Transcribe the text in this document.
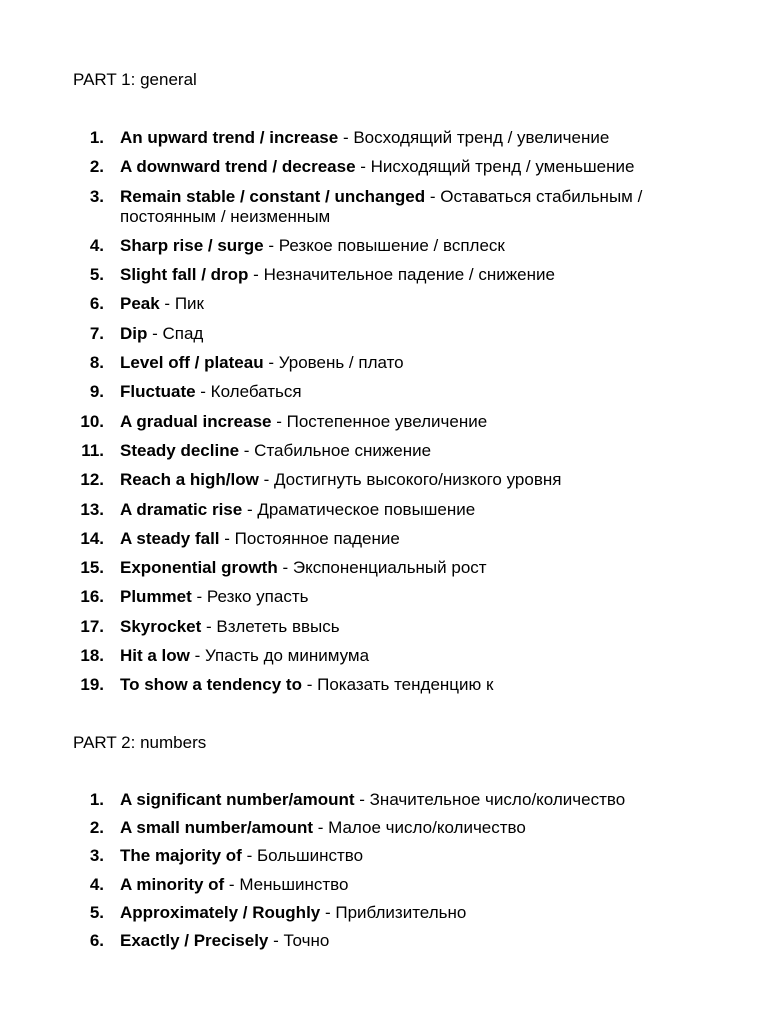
PART 1: general
1. An upward trend / increase - Восходящий тренд / увеличение
2. A downward trend / decrease - Нисходящий тренд / уменьшение
3. Remain stable / constant / unchanged - Оставаться стабильным / постоянным / неизменным
4. Sharp rise / surge - Резкое повышение / всплеск
5. Slight fall / drop - Незначительное падение / снижение
6. Peak - Пик
7. Dip - Спад
8. Level off / plateau - Уровень / плато
9. Fluctuate - Колебаться
10. A gradual increase - Постепенное увеличение
11. Steady decline - Стабильное снижение
12. Reach a high/low - Достигнуть высокого/низкого уровня
13. A dramatic rise - Драматическое повышение
14. A steady fall - Постоянное падение
15. Exponential growth - Экспоненциальный рост
16. Plummet - Резко упасть
17. Skyrocket - Взлететь ввысь
18. Hit a low - Упасть до минимума
19. To show a tendency to - Показать тенденцию к
PART 2: numbers
1. A significant number/amount - Значительное число/количество
2. A small number/amount - Малое число/количество
3. The majority of - Большинство
4. A minority of - Меньшинство
5. Approximately / Roughly - Приблизительно
6. Exactly / Precisely - Точно
